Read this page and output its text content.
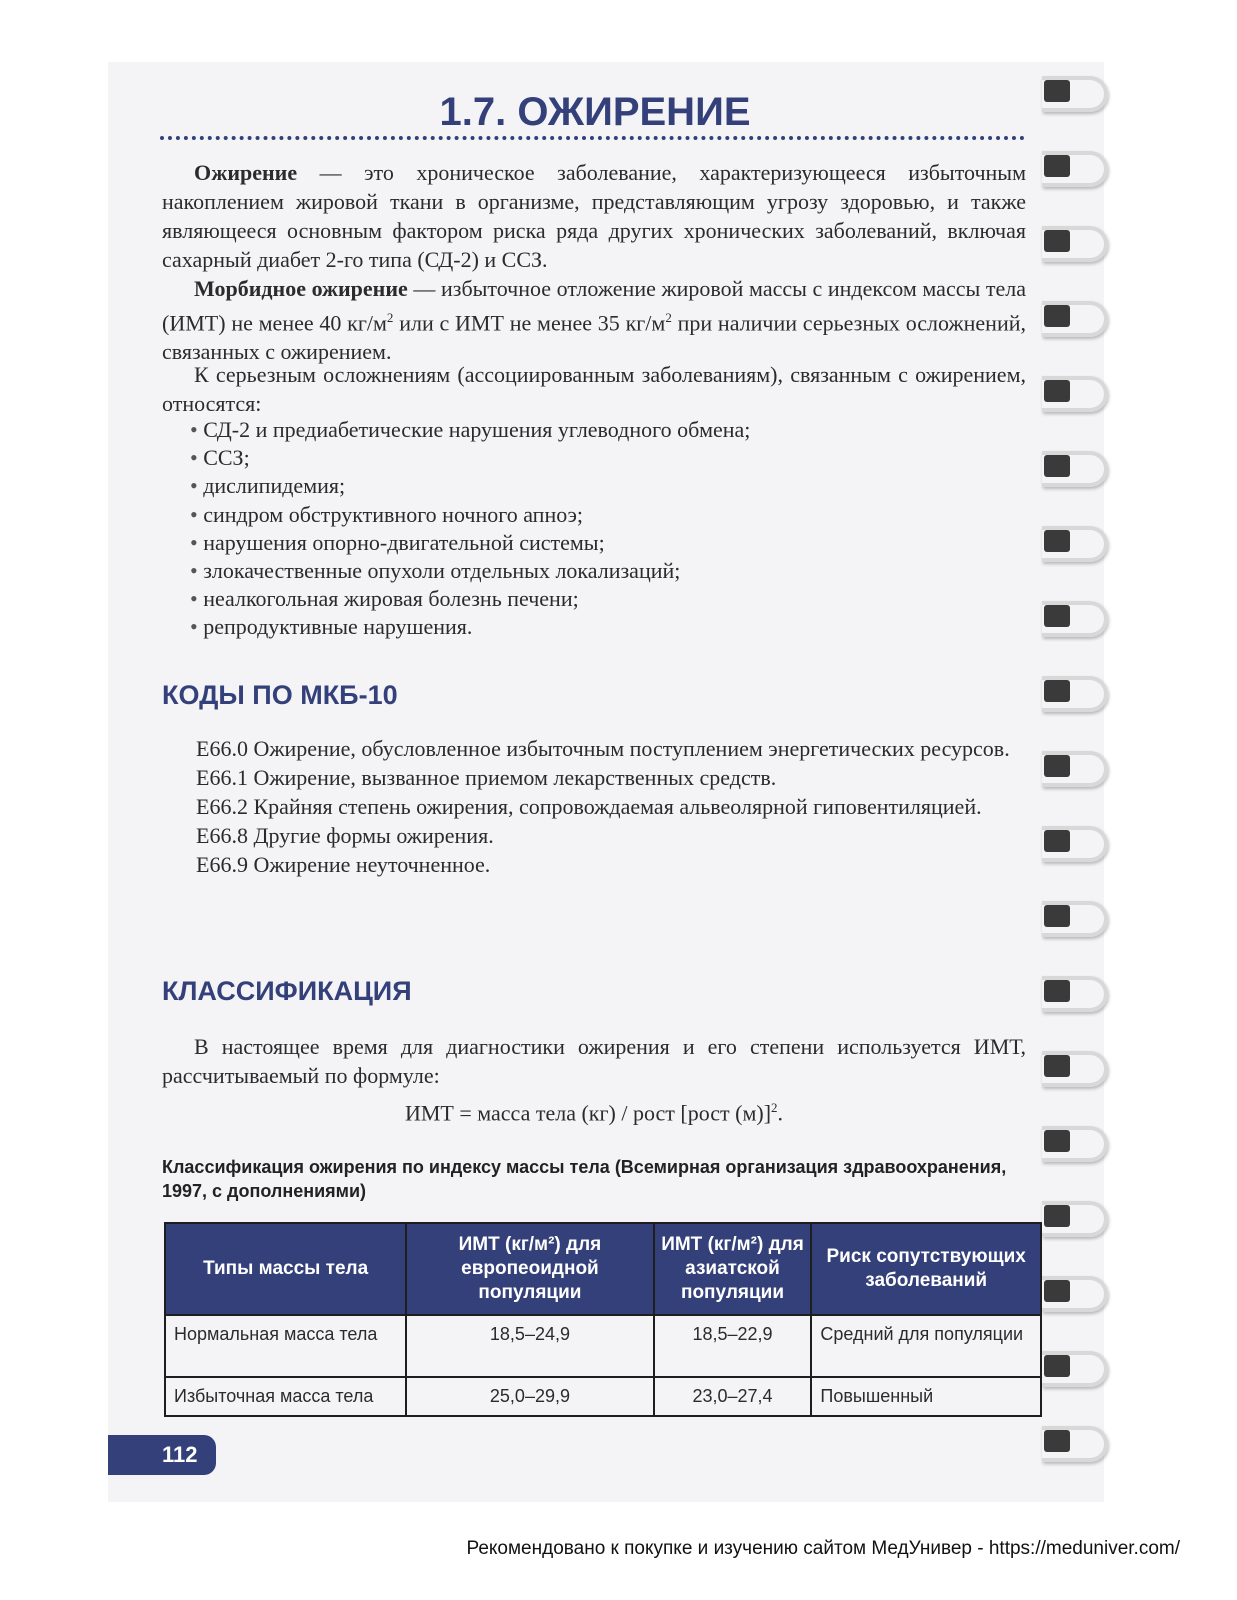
1.7. ОЖИРЕНИЕ
Ожирение — это хроническое заболевание, характеризующееся избыточным накоплением жировой ткани в организме, представляющим угрозу здоровью, и также являющееся основным фактором риска ряда других хронических заболеваний, включая сахарный диабет 2-го типа (СД-2) и ССЗ.
Морбидное ожирение — избыточное отложение жировой массы с индексом массы тела (ИМТ) не менее 40 $кг/м^2$ или с ИМТ не менее 35 $кг/м^2$ при наличии серьезных осложнений, связанных с ожирением.
К серьезным осложнениям (ассоциированным заболеваниям), связанным с ожирением, относятся:
• СД-2 и предиабетические нарушения углеводного обмена;
• ССЗ;
• дислипидемия;
• синдром обструктивного ночного апноэ;
• нарушения опорно-двигательной системы;
• злокачественные опухоли отдельных локализаций;
• неалкогольная жировая болезнь печени;
• репродуктивные нарушения.
КОДЫ ПО МКБ-10
Е66.0 Ожирение, обусловленное избыточным поступлением энергетических ресурсов.
Е66.1 Ожирение, вызванное приемом лекарственных средств.
Е66.2 Крайняя степень ожирения, сопровождаемая альвеолярной гиповентиляцией.
Е66.8 Другие формы ожирения.
Е66.9 Ожирение неуточненное.
КЛАССИФИКАЦИЯ
В настоящее время для диагностики ожирения и его степени используется ИМТ, рассчитываемый по формуле:
ИМТ = масса тела (кг) / рост [рост (м)]$^2$.
Классификация ожирения по индексу массы тела (Всемирная организация здравоохранения, 1997, с дополнениями)
Типы массы тела	ИМТ (кг/м²) для европеоидной популяции	ИМТ (кг/м²) для азиатской популяции	Риск сопутствующих заболеваний
Нормальная масса тела	18,5–24,9	18,5–22,9	Средний для популяции
Избыточная масса тела	25,0–29,9	23,0–27,4	Повышенный
112
Рекомендовано к покупке и изучению сайтом МедУнивер - https://meduniver.com/
